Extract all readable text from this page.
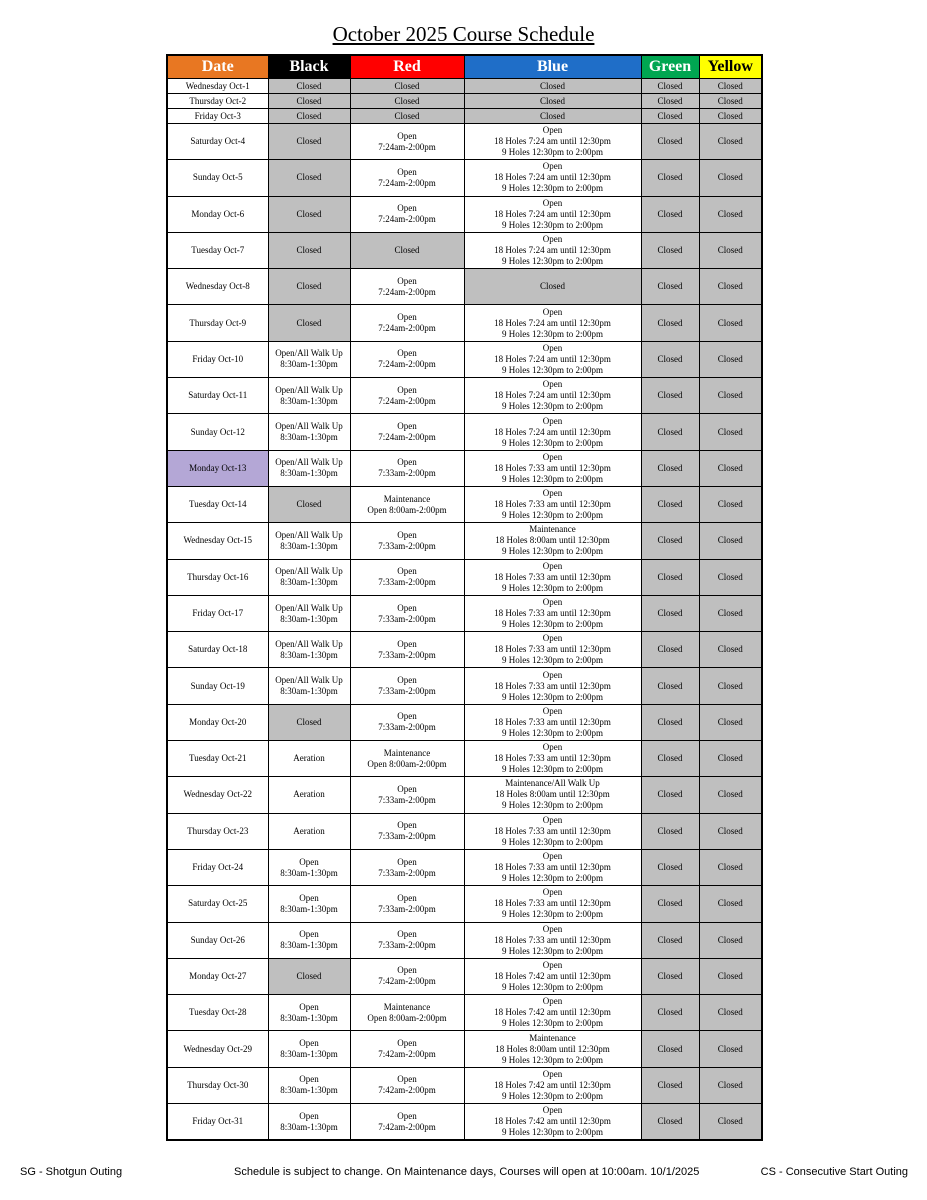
October 2025 Course Schedule
Date	Black	Red	Blue	Green	Yellow
Wednesday Oct-1	Closed	Closed	Closed	Closed	Closed
Thursday Oct-2	Closed	Closed	Closed	Closed	Closed
Friday Oct-3	Closed	Closed	Closed	Closed	Closed
Saturday Oct-4	Closed	Open
7:24am-2:00pm	Open
18 Holes 7:24 am until 12:30pm
9 Holes 12:30pm to 2:00pm	Closed	Closed
Sunday Oct-5	Closed	Open
7:24am-2:00pm	Open
18 Holes 7:24 am until 12:30pm
9 Holes 12:30pm to 2:00pm	Closed	Closed
Monday Oct-6	Closed	Open
7:24am-2:00pm	Open
18 Holes 7:24 am until 12:30pm
9 Holes 12:30pm to 2:00pm	Closed	Closed
Tuesday Oct-7	Closed	Closed	Open
18 Holes 7:24 am until 12:30pm
9 Holes 12:30pm to 2:00pm	Closed	Closed
Wednesday Oct-8	Closed	Open
7:24am-2:00pm	Closed	Closed	Closed
Thursday Oct-9	Closed	Open
7:24am-2:00pm	Open
18 Holes 7:24 am until 12:30pm
9 Holes 12:30pm to 2:00pm	Closed	Closed
Friday Oct-10	Open/All Walk Up
8:30am-1:30pm	Open
7:24am-2:00pm	Open
18 Holes 7:24 am until 12:30pm
9 Holes 12:30pm to 2:00pm	Closed	Closed
Saturday Oct-11	Open/All Walk Up
8:30am-1:30pm	Open
7:24am-2:00pm	Open
18 Holes 7:24 am until 12:30pm
9 Holes 12:30pm to 2:00pm	Closed	Closed
Sunday Oct-12	Open/All Walk Up
8:30am-1:30pm	Open
7:24am-2:00pm	Open
18 Holes 7:24 am until 12:30pm
9 Holes 12:30pm to 2:00pm	Closed	Closed
Monday Oct-13	Open/All Walk Up
8:30am-1:30pm	Open
7:33am-2:00pm	Open
18 Holes 7:33 am until 12:30pm
9 Holes 12:30pm to 2:00pm	Closed	Closed
Tuesday Oct-14	Closed	Maintenance
Open 8:00am-2:00pm	Open
18 Holes 7:33 am until 12:30pm
9 Holes 12:30pm to 2:00pm	Closed	Closed
Wednesday Oct-15	Open/All Walk Up
8:30am-1:30pm	Open
7:33am-2:00pm	Maintenance
18 Holes 8:00am until 12:30pm
9 Holes 12:30pm to 2:00pm	Closed	Closed
Thursday Oct-16	Open/All Walk Up
8:30am-1:30pm	Open
7:33am-2:00pm	Open
18 Holes 7:33 am until 12:30pm
9 Holes 12:30pm to 2:00pm	Closed	Closed
Friday Oct-17	Open/All Walk Up
8:30am-1:30pm	Open
7:33am-2:00pm	Open
18 Holes 7:33 am until 12:30pm
9 Holes 12:30pm to 2:00pm	Closed	Closed
Saturday Oct-18	Open/All Walk Up
8:30am-1:30pm	Open
7:33am-2:00pm	Open
18 Holes 7:33 am until 12:30pm
9 Holes 12:30pm to 2:00pm	Closed	Closed
Sunday Oct-19	Open/All Walk Up
8:30am-1:30pm	Open
7:33am-2:00pm	Open
18 Holes 7:33 am until 12:30pm
9 Holes 12:30pm to 2:00pm	Closed	Closed
Monday Oct-20	Closed	Open
7:33am-2:00pm	Open
18 Holes 7:33 am until 12:30pm
9 Holes 12:30pm to 2:00pm	Closed	Closed
Tuesday Oct-21	Aeration	Maintenance
Open 8:00am-2:00pm	Open
18 Holes 7:33 am until 12:30pm
9 Holes 12:30pm to 2:00pm	Closed	Closed
Wednesday Oct-22	Aeration	Open
7:33am-2:00pm	Maintenance/All Walk Up
18 Holes 8:00am until 12:30pm
9 Holes 12:30pm to 2:00pm	Closed	Closed
Thursday Oct-23	Aeration	Open
7:33am-2:00pm	Open
18 Holes 7:33 am until 12:30pm
9 Holes 12:30pm to 2:00pm	Closed	Closed
Friday Oct-24	Open
8:30am-1:30pm	Open
7:33am-2:00pm	Open
18 Holes 7:33 am until 12:30pm
9 Holes 12:30pm to 2:00pm	Closed	Closed
Saturday Oct-25	Open
8:30am-1:30pm	Open
7:33am-2:00pm	Open
18 Holes 7:33 am until 12:30pm
9 Holes 12:30pm to 2:00pm	Closed	Closed
Sunday Oct-26	Open
8:30am-1:30pm	Open
7:33am-2:00pm	Open
18 Holes 7:33 am until 12:30pm
9 Holes 12:30pm to 2:00pm	Closed	Closed
Monday Oct-27	Closed	Open
7:42am-2:00pm	Open
18 Holes 7:42 am until 12:30pm
9 Holes 12:30pm to 2:00pm	Closed	Closed
Tuesday Oct-28	Open
8:30am-1:30pm	Maintenance
Open 8:00am-2:00pm	Open
18 Holes 7:42 am until 12:30pm
9 Holes 12:30pm to 2:00pm	Closed	Closed
Wednesday Oct-29	Open
8:30am-1:30pm	Open
7:42am-2:00pm	Maintenance
18 Holes 8:00am until 12:30pm
9 Holes 12:30pm to 2:00pm	Closed	Closed
Thursday Oct-30	Open
8:30am-1:30pm	Open
7:42am-2:00pm	Open
18 Holes 7:42 am until 12:30pm
9 Holes 12:30pm to 2:00pm	Closed	Closed
Friday Oct-31	Open
8:30am-1:30pm	Open
7:42am-2:00pm	Open
18 Holes 7:42 am until 12:30pm
9 Holes 12:30pm to 2:00pm	Closed	Closed
SG - Shotgun Outing	Schedule is subject to change. On Maintenance days, Courses will open at 10:00am. 10/1/2025	CS - Consecutive Start Outing
